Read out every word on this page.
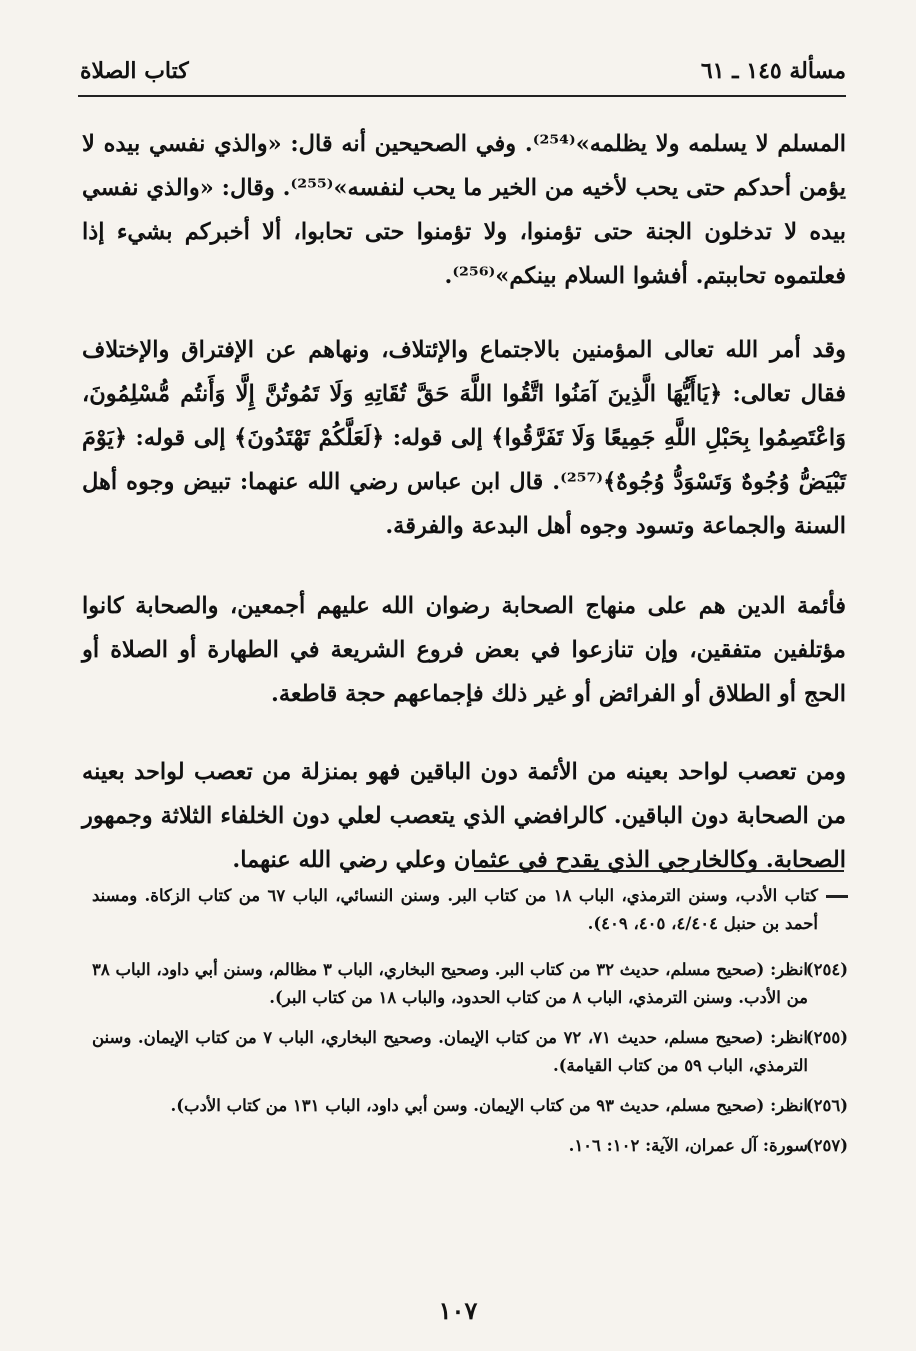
مسألة ١٤٥ ـ ٦١
كتاب الصلاة

المسلم لا يسلمه ولا يظلمه»⁽²⁵⁴⁾. وفي الصحيحين أنه قال: «والذي نفسي بيده لا يؤمن أحدكم حتى يحب لأخيه من الخير ما يحب لنفسه»⁽²⁵⁵⁾. وقال: «والذي نفسي بيده لا تدخلون الجنة حتى تؤمنوا، ولا تؤمنوا حتى تحابوا، ألا أخبركم بشيء إذا فعلتموه تحاببتم. أفشوا السلام بينكم»⁽²⁵⁶⁾.

وقد أمر الله تعالى المؤمنين بالاجتماع والإئتلاف، ونهاهم عن الإفتراق والإختلاف فقال تعالى: ﴿يَاأَيُّهَا الَّذِينَ آمَنُوا اتَّقُوا اللَّهَ حَقَّ تُقَاتِهِ وَلَا تَمُوتُنَّ إِلَّا وَأَنتُم مُّسْلِمُونَ، وَاعْتَصِمُوا بِحَبْلِ اللَّهِ جَمِيعًا وَلَا تَفَرَّقُوا﴾ إلى قوله: ﴿لَعَلَّكُمْ تَهْتَدُونَ﴾ إلى قوله: ﴿يَوْمَ تَبْيَضُّ وُجُوهٌ وَتَسْوَدُّ وُجُوهٌ﴾⁽²⁵⁷⁾. قال ابن عباس رضي الله عنهما: تبيض وجوه أهل السنة والجماعة وتسود وجوه أهل البدعة والفرقة.

فأئمة الدين هم على منهاج الصحابة رضوان الله عليهم أجمعين، والصحابة كانوا مؤتلفين متفقين، وإن تنازعوا في بعض فروع الشريعة في الطهارة أو الصلاة أو الحج أو الطلاق أو الفرائض أو غير ذلك فإجماعهم حجة قاطعة.

ومن تعصب لواحد بعينه من الأئمة دون الباقين فهو بمنزلة من تعصب لواحد بعينه من الصحابة دون الباقين. كالرافضي الذي يتعصب لعلي دون الخلفاء الثلاثة وجمهور الصحابة. وكالخارجي الذي يقدح في عثمان وعلي رضي الله عنهما.

كتاب الأدب، وسنن الترمذي، الباب ١٨ من كتاب البر. وسنن النسائي، الباب ٦٧ من كتاب الزكاة. ومسند أحمد بن حنبل ٤/٤٠٤، ٤٠٥، ٤٠٩).
(٢٥٤)
انظر: (صحيح مسلم، حديث ٣٢ من كتاب البر. وصحيح البخاري، الباب ٣ مظالم، وسنن أبي داود، الباب ٣٨ من الأدب. وسنن الترمذي، الباب ٨ من كتاب الحدود، والباب ١٨ من كتاب البر).
(٢٥٥)
انظر: (صحيح مسلم، حديث ٧١، ٧٢ من كتاب الإيمان. وصحيح البخاري، الباب ٧ من كتاب الإيمان. وسنن الترمذي، الباب ٥٩ من كتاب القيامة).
(٢٥٦)
انظر: (صحيح مسلم، حديث ٩٣ من كتاب الإيمان. وسن أبي داود، الباب ١٣١ من كتاب الأدب).
(٢٥٧)
سورة: آل عمران، الآية: ١٠٢: ١٠٦.
١٠٧
